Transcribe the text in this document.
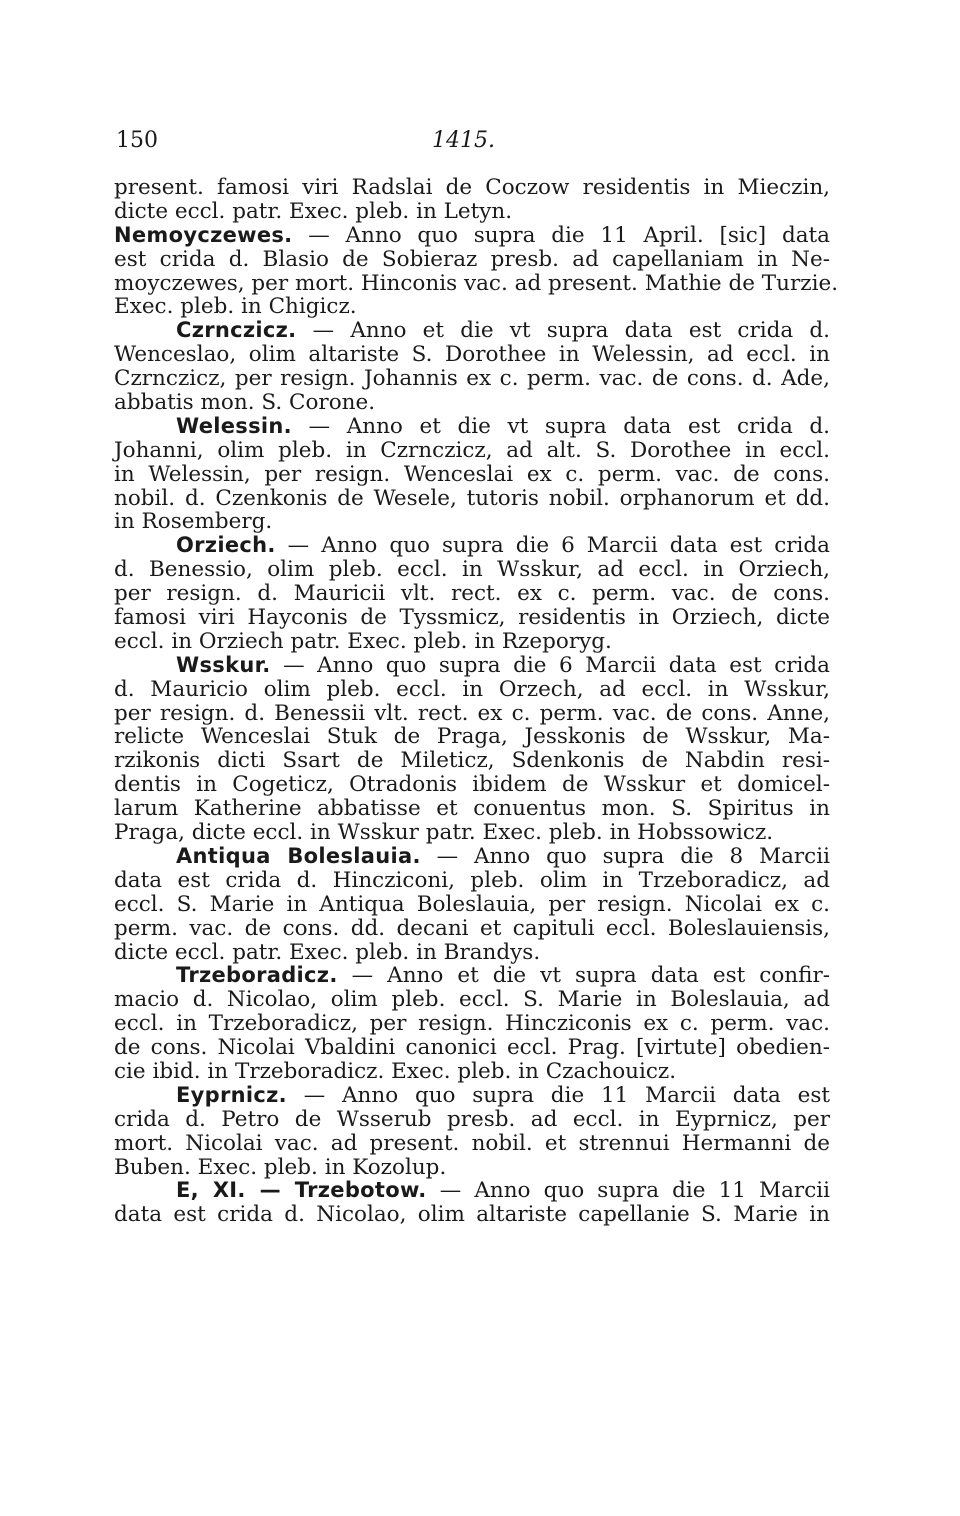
150	1415.
present. famosi viri Radslai de Coczow residentis in Mieczin,
dicte eccl. patr. Exec. pleb. in Letyn.
Nemoyczewes. — Anno quo supra die 11 April. [sic] data
est crida d. Blasio de Sobieraz presb. ad capellaniam in Ne-
moyczewes, per mort. Hinconis vac. ad present. Mathie de Turzie.
Exec. pleb. in Chigicz.
Czrnczicz. — Anno et die vt supra data est crida d.
Wenceslao, olim altariste S. Dorothee in Welessin, ad eccl. in
Czrnczicz, per resign. Johannis ex c. perm. vac. de cons. d. Ade,
abbatis mon. S. Corone.
Welessin. — Anno et die vt supra data est crida d.
Johanni, olim pleb. in Czrnczicz, ad alt. S. Dorothee in eccl.
in Welessin, per resign. Wenceslai ex c. perm. vac. de cons.
nobil. d. Czenkonis de Wesele, tutoris nobil. orphanorum et dd.
in Rosemberg.
Orziech. — Anno quo supra die 6 Marcii data est crida
d. Benessio, olim pleb. eccl. in Wsskur, ad eccl. in Orziech,
per resign. d. Mauricii vlt. rect. ex c. perm. vac. de cons.
famosi viri Hayconis de Tyssmicz, residentis in Orziech, dicte
eccl. in Orziech patr. Exec. pleb. in Rzeporyg.
Wsskur. — Anno quo supra die 6 Marcii data est crida
d. Mauricio olim pleb. eccl. in Orzech, ad eccl. in Wsskur,
per resign. d. Benessii vlt. rect. ex c. perm. vac. de cons. Anne,
relicte Wenceslai Stuk de Praga, Jesskonis de Wsskur, Ma-
rzikonis dicti Ssart de Mileticz, Sdenkonis de Nabdin resi-
dentis in Cogeticz, Otradonis ibidem de Wsskur et domicel-
larum Katherine abbatisse et conuentus mon. S. Spiritus in
Praga, dicte eccl. in Wsskur patr. Exec. pleb. in Hobssowicz.
Antiqua Boleslauia. — Anno quo supra die 8 Marcii
data est crida d. Hincziconi, pleb. olim in Trzeboradicz, ad
eccl. S. Marie in Antiqua Boleslauia, per resign. Nicolai ex c.
perm. vac. de cons. dd. decani et capituli eccl. Boleslauiensis,
dicte eccl. patr. Exec. pleb. in Brandys.
Trzeboradicz. — Anno et die vt supra data est confir-
macio d. Nicolao, olim pleb. eccl. S. Marie in Boleslauia, ad
eccl. in Trzeboradicz, per resign. Hincziconis ex c. perm. vac.
de cons. Nicolai Vbaldini canonici eccl. Prag. [virtute] obedien-
cie ibid. in Trzeboradicz. Exec. pleb. in Czachouicz.
Eyprnicz. — Anno quo supra die 11 Marcii data est
crida d. Petro de Wsserub presb. ad eccl. in Eyprnicz, per
mort. Nicolai vac. ad present. nobil. et strennui Hermanni de
Buben. Exec. pleb. in Kozolup.
E, XI. — Trzebotow. — Anno quo supra die 11 Marcii
data est crida d. Nicolao, olim altariste capellanie S. Marie in
